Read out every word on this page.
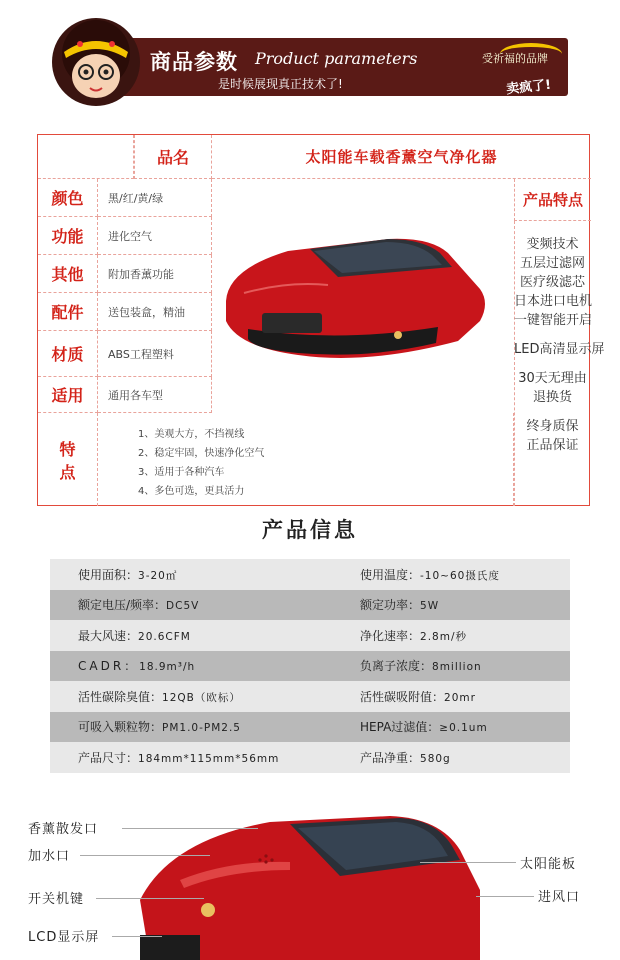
商品参数 Product parameters
是时候展现真正技术了!
受祈福的品牌
卖疯了!
品名	太阳能车载香薰空气净化器
颜色	黑/红/黄/绿
功能	进化空气
其他	附加香薰功能
配件	送包装盒，精油
材质	ABS工程塑料
适用	通用各车型
特
点
1、美观大方，不挡视线
2、稳定牢固，快速净化空气
3、适用于各种汽车
4、多色可选，更具活力
产品特点
变频技术
五层过滤网
医疗级滤芯
日本进口电机
一键智能开启
LED高清显示屏
30天无理由
退换货
终身质保
正品保证
产品信息
使用面积：3-20㎡	使用温度：-10~60摄氏度
额定电压/频率：DC5V	额定功率：5W
最大风速：20.6CFM	净化速率：2.8m/秒
CADR：18.9m³/h	负离子浓度：8million
活性碳除臭值：12QB（欧标）	活性碳吸附值：20mr
可吸入颗粒物：PM1.0-PM2.5	HEPA过滤值：≥0.1um
产品尺寸：184mm*115mm*56mm	产品净重：580g
香薰散发口
加水口
开关机键
LCD显示屏
太阳能板
进风口
